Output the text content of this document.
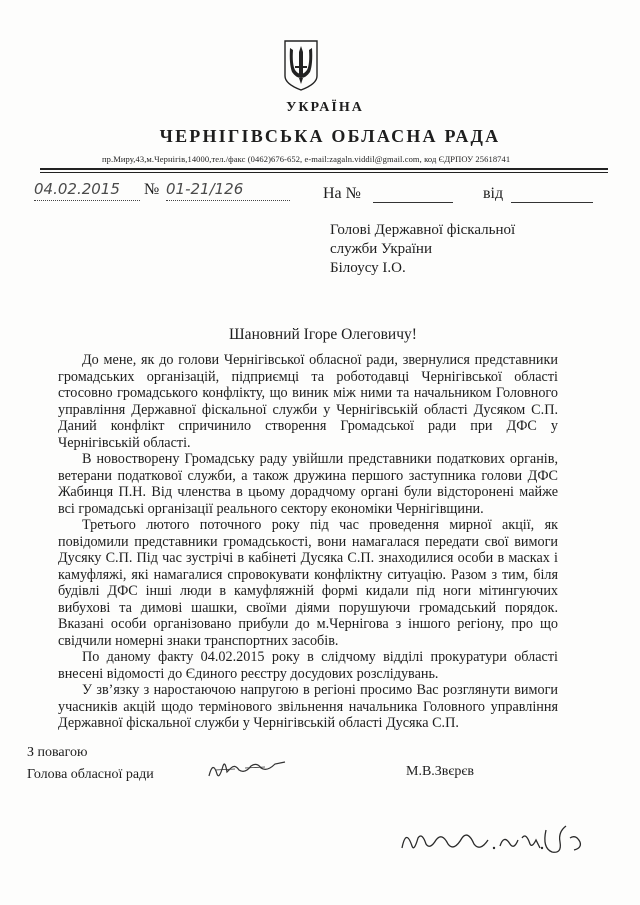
УКРАЇНА
ЧЕРНІГІВСЬКА ОБЛАСНА РАДА
пр.Миру,43,м.Чернігів,14000,тел./факс (0462)676-652, e-mail:zagaln.viddil@gmail.com, код ЄДРПОУ 25618741
04.02.2015	№ 01-21/126	На №	від
Голові Державної фіскальної
служби України
Білоусу І.О.
Шановний Ігоре Олеговичу!

До мене, як до голови Чернігівської обласної ради, звернулися представники громадських організацій, підприємці та роботодавці Чернігівської області стосовно громадського конфлікту, що виник між ними та начальником Головного управління Державної фіскальної служби у Чернігівській області Дусяком С.П. Даний конфлікт спричинило створення Громадської ради при ДФС у Чернігівській області.

В новостворену Громадську раду увійшли представники податкових органів, ветерани податкової служби, а також дружина першого заступника голови ДФС Жабинця П.Н. Від членства в цьому дорадчому органі були відсторонені майже всі громадські організації реального сектору економіки Чернігівщини.

Третього лютого поточного року під час проведення мирної акції, як повідомили представники громадськості, вони намагалася передати свої вимоги Дусяку С.П. Під час зустрічі в кабінеті Дусяка С.П. знаходилися особи в масках і камуфляжі, які намагалися спровокувати конфліктну ситуацію. Разом з тим, біля будівлі ДФС інші люди в камуфляжній формі кидали під ноги мітингуючих вибухові та димові шашки, своїми діями порушуючи громадський порядок. Вказані особи організовано прибули до м.Чернігова з іншого регіону, про що свідчили номерні знаки транспортних засобів.

По даному факту 04.02.2015 року в слідчому відділі прокуратури області внесені відомості до Єдиного реєстру досудових розслідувань.

У зв’язку з наростаючою напругою в регіоні просимо Вас розглянути вимоги учасників акцій щодо термінового звільнення начальника Головного управління Державної фіскальної служби у Чернігівській області Дусяка С.П.

З повагою
Голова обласної ради	М.В.Звєрєв
